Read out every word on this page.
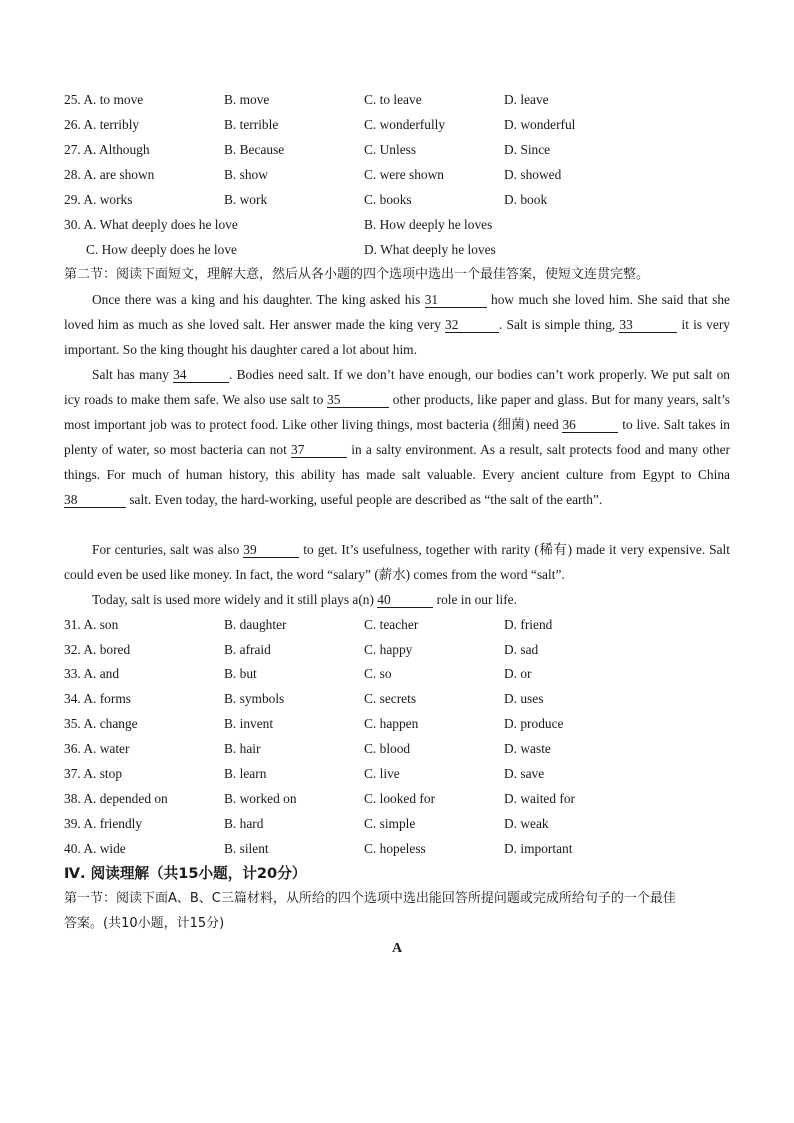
25. A. to move	B. move	C. to leave	D. leave
26. A. terribly	B. terrible	C. wonderfully	D. wonderful
27. A. Although	B. Because	C. Unless	D. Since
28. A. are shown	B. show	C. were shown	D. showed
29. A. works	B. work	C. books	D. book
30. A. What deeply does he love	B. How deeply he loves
C. How deeply does he love	D. What deeply he loves
第二节：阅读下面短文，理解大意，然后从各小题的四个选项中选出一个最佳答案，使短文连贯完整。
Once there was a king and his daughter. The king asked his 31	how much she loved him. She said that she loved him as much as she loved salt. Her answer made the king very 32	. Salt is simple thing, 33	it is very important. So the king thought his daughter cared a lot about him.
Salt has many 34	. Bodies need salt. If we don’t have enough, our bodies can’t work properly. We put salt on icy roads to make them safe. We also use salt to 35	other products, like paper and glass. But for many years, salt’s most important job was to protect food. Like other living things, most bacteria (细菌) need 36	to live. Salt takes in plenty of water, so most bacteria can not 37	in a salty environment. As a result, salt protects food and many other things. For much of human history, this ability has made salt valuable. Every ancient culture from Egypt to China 38	salt. Even today, the hard-working, useful people are described as “the salt of the earth”.
For centuries, salt was also 39	to get. It’s usefulness, together with rarity (稀有) made it very expensive. Salt could even be used like money. In fact, the word “salary” (薪水) comes from the word “salt”.
Today, salt is used more widely and it still plays a(n) 40	role in our life.
31. A. son	B. daughter	C. teacher	D. friend
32. A. bored	B. afraid	C. happy	D. sad
33. A. and	B. but	C. so	D. or
34. A. forms	B. symbols	C. secrets	D. uses
35. A. change	B. invent	C. happen	D. produce
36. A. water	B. hair	C. blood	D. waste
37. A. stop	B. learn	C. live	D. save
38. A. depended on	B. worked on	C. looked for	D. waited for
39. A. friendly	B. hard	C. simple	D. weak
40. A. wide	B. silent	C. hopeless	D. important
Ⅳ. 阅读理解（共15小题，计20分）
第一节：阅读下面A、B、C三篇材料，从所给的四个选项中选出能回答所提问题或完成所给句子的一个最佳
答案。(共10小题，计15分)
A
